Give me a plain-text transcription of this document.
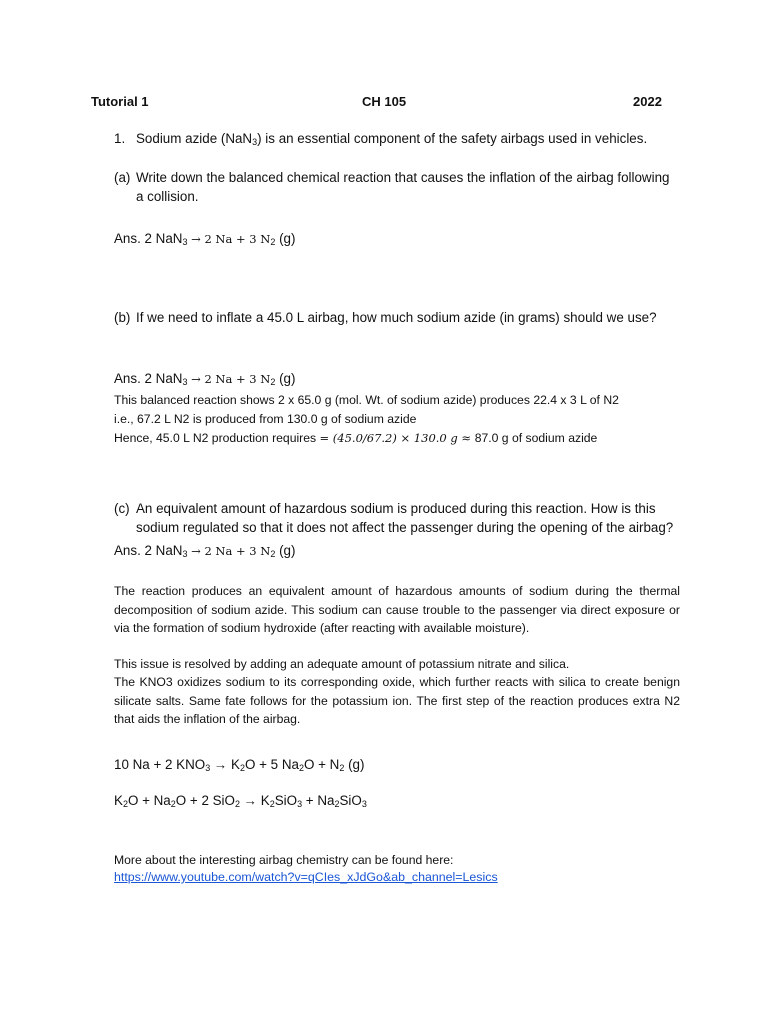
Tutorial 1	CH 105	2022
1. Sodium azide (NaN$_3$) is an essential component of the safety airbags used in vehicles.
(a) Write down the balanced chemical reaction that causes the inflation of the airbag following
a collision.
Ans. 2 NaN$_3$ → 2 Na + 3 $N_2$ (g)
(b) If we need to inflate a 45.0 L airbag, how much sodium azide (in grams) should we use?
Ans. 2 NaN$_3$ → 2 Na + 3 $N_2$ (g)
This balanced reaction shows 2 x 65.0 g (mol. Wt. of sodium azide) produces 22.4 x 3 L of N2
i.e., 67.2 L N2 is produced from 130.0 g of sodium azide
Hence, 45.0 L N2 production requires = (45.0/67.2) × 130.0 g ≈ 87.0 g of sodium azide
(c) An equivalent amount of hazardous sodium is produced during this reaction. How is this
sodium regulated so that it does not affect the passenger during the opening of the airbag?
Ans. 2 NaN$_3$ → 2 Na + 3 $N_2$ (g)
The reaction produces an equivalent amount of hazardous amounts of sodium during the thermal decomposition of sodium azide. This sodium can cause trouble to the passenger via direct exposure or via the formation of sodium hydroxide (after reacting with available moisture).
This issue is resolved by adding an adequate amount of potassium nitrate and silica.
The KNO3 oxidizes sodium to its corresponding oxide, which further reacts with silica to create benign silicate salts. Same fate follows for the potassium ion. The first step of the reaction produces extra N2 that aids the inflation of the airbag.
10 Na + 2 $KNO_3 \to K_2O + 5$ $Na_2O + N_2$ (g)
$K_2O + Na_2O + 2$ $SiO_2 \to K_2SiO_3 + Na_2SiO_3$
More about the interesting airbag chemistry can be found here:
https://www.youtube.com/watch?v=qCIes_xJdGo&ab_channel=Lesics
